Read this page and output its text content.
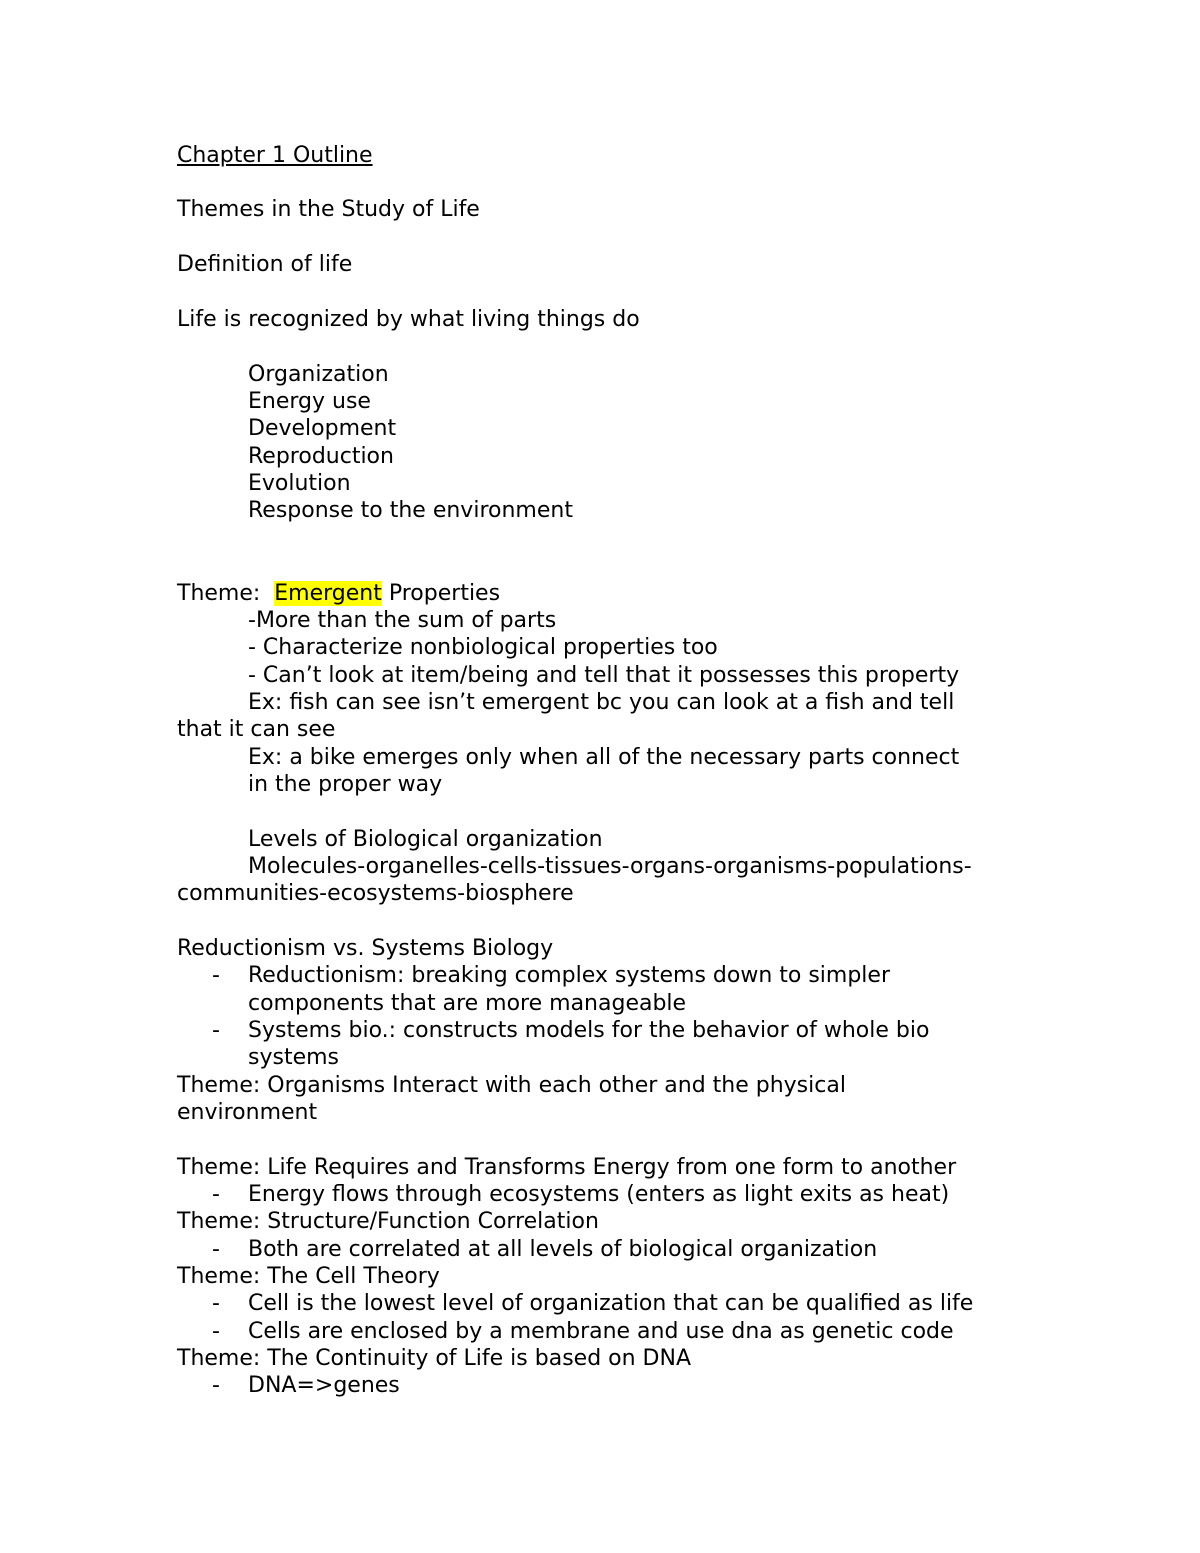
Chapter 1 Outline
Themes in the Study of Life
Definition of life
Life is recognized by what living things do
Organization
Energy use
Development
Reproduction
Evolution
Response to the environment
Theme:  Emergent Properties
-More than the sum of parts
- Characterize nonbiological properties too
- Can’t look at item/being and tell that it possesses this property
Ex: fish can see isn’t emergent bc you can look at a fish and tell
that it can see
Ex: a bike emerges only when all of the necessary parts connect
in the proper way
Levels of Biological organization
Molecules-organelles-cells-tissues-organs-organisms-populations-
communities-ecosystems-biosphere
Reductionism vs. Systems Biology
- Reductionism: breaking complex systems down to simpler
components that are more manageable
- Systems bio.: constructs models for the behavior of whole bio
systems
Theme: Organisms Interact with each other and the physical
environment
Theme: Life Requires and Transforms Energy from one form to another
- Energy flows through ecosystems (enters as light exits as heat)
Theme: Structure/Function Correlation
- Both are correlated at all levels of biological organization
Theme: The Cell Theory
- Cell is the lowest level of organization that can be qualified as life
- Cells are enclosed by a membrane and use dna as genetic code
Theme: The Continuity of Life is based on DNA
- DNA=>genes
